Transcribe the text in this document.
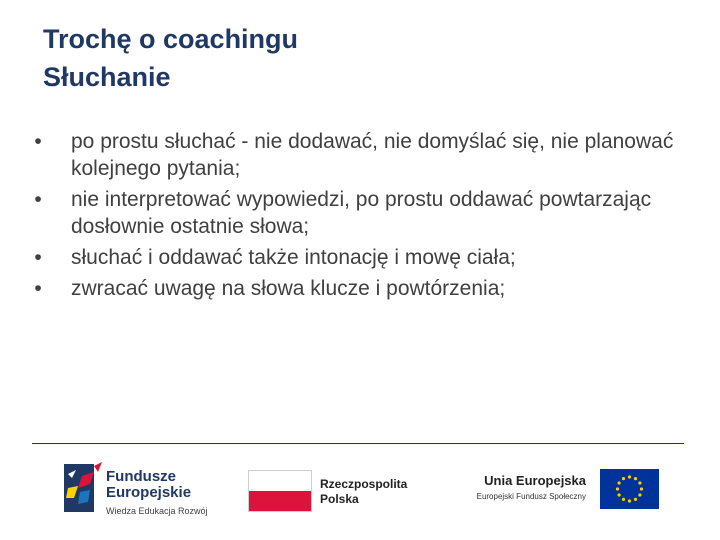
Trochę o coachingu
Słuchanie
•	po prostu słuchać - nie dodawać, nie domyślać się, nie planować kolejnego pytania;
•	nie interpretować wypowiedzi, po prostu oddawać powtarzając dosłownie ostatnie słowa;
•	słuchać i oddawać także intonację i mowę ciała;
•	zwracać uwagę na słowa klucze i powtórzenia;
Fundusze
Europejskie
Wiedza Edukacja Rozwój
Rzeczpospolita
Polska
Unia Europejska
Europejski Fundusz Społeczny
